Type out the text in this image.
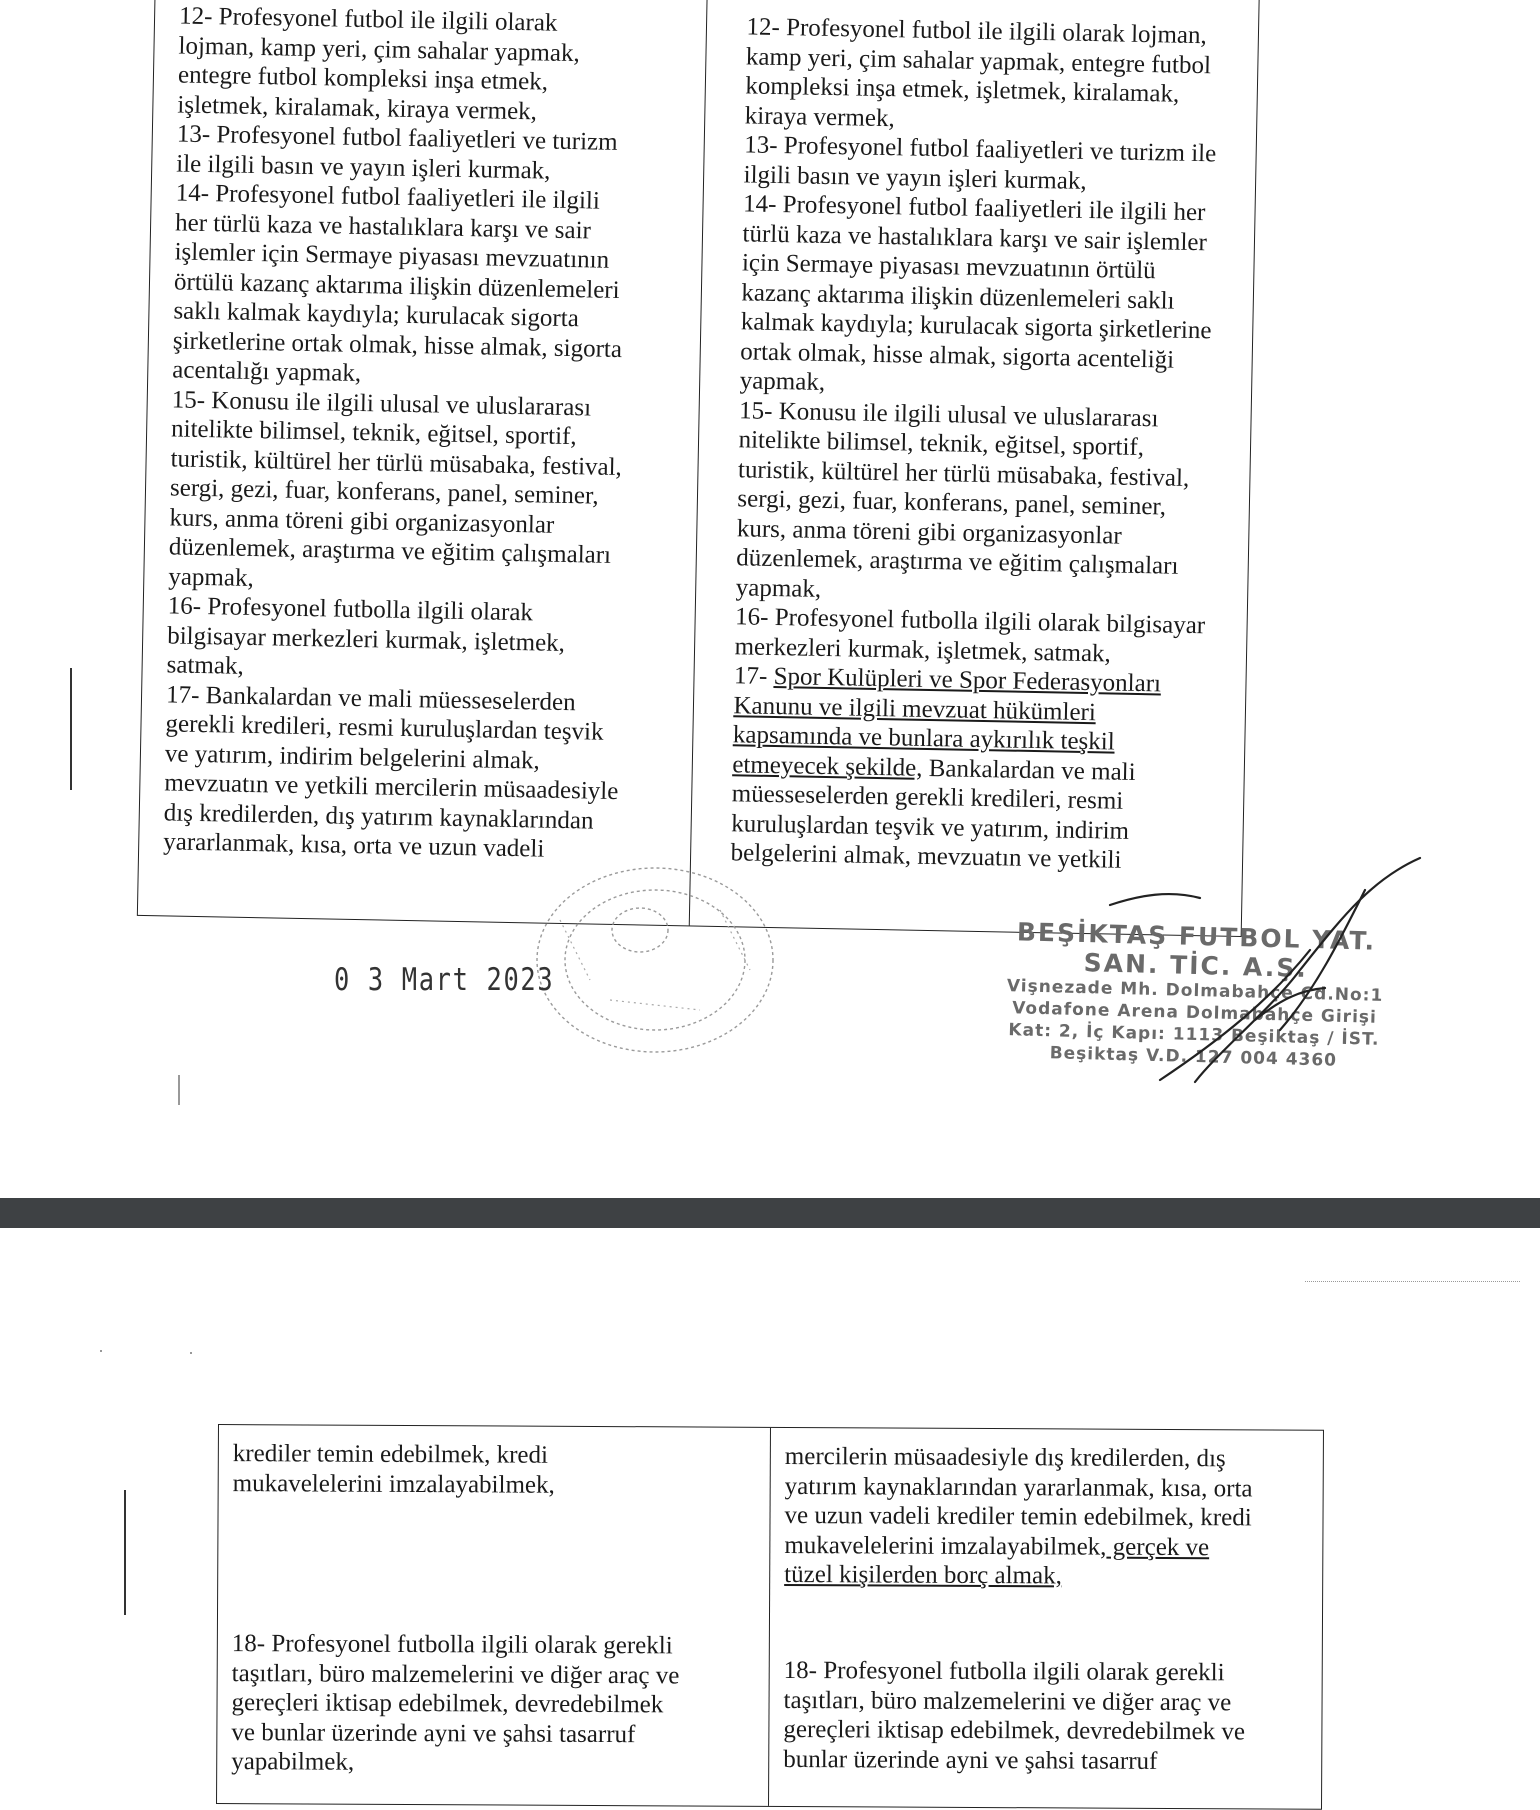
12- Profesyonel futbol ile ilgili olarak
lojman, kamp yeri, çim sahalar yapmak,
entegre futbol kompleksi inşa etmek,
işletmek, kiralamak, kiraya vermek,
13- Profesyonel futbol faaliyetleri ve turizm
ile ilgili basın ve yayın işleri kurmak,
14- Profesyonel futbol faaliyetleri ile ilgili
her türlü kaza ve hastalıklara karşı ve sair
işlemler için Sermaye piyasası mevzuatının
örtülü kazanç aktarıma ilişkin düzenlemeleri
saklı kalmak kaydıyla; kurulacak sigorta
şirketlerine ortak olmak, hisse almak, sigorta
acentalığı yapmak,
15- Konusu ile ilgili ulusal ve uluslararası
nitelikte bilimsel, teknik, eğitsel, sportif,
turistik, kültürel her türlü müsabaka, festival,
sergi, gezi, fuar, konferans, panel, seminer,
kurs, anma töreni gibi organizasyonlar
düzenlemek, araştırma ve eğitim çalışmaları
yapmak,
16- Profesyonel futbolla ilgili olarak
bilgisayar merkezleri kurmak, işletmek,
satmak,
17- Bankalardan ve mali müesseselerden
gerekli kredileri, resmi kuruluşlardan teşvik
ve yatırım, indirim belgelerini almak,
mevzuatın ve yetkili mercilerin müsaadesiyle
dış kredilerden, dış yatırım kaynaklarından
yararlanmak, kısa, orta ve uzun vadeli

12- Profesyonel futbol ile ilgili olarak lojman,
kamp yeri, çim sahalar yapmak, entegre futbol
kompleksi inşa etmek, işletmek, kiralamak,
kiraya vermek,
13- Profesyonel futbol faaliyetleri ve turizm ile
ilgili basın ve yayın işleri kurmak,
14- Profesyonel futbol faaliyetleri ile ilgili her
türlü kaza ve hastalıklara karşı ve sair işlemler
için Sermaye piyasası mevzuatının örtülü
kazanç aktarıma ilişkin düzenlemeleri saklı
kalmak kaydıyla; kurulacak sigorta şirketlerine
ortak olmak, hisse almak, sigorta acenteliği
yapmak,
15- Konusu ile ilgili ulusal ve uluslararası
nitelikte bilimsel, teknik, eğitsel, sportif,
turistik, kültürel her türlü müsabaka, festival,
sergi, gezi, fuar, konferans, panel, seminer,
kurs, anma töreni gibi organizasyonlar
düzenlemek, araştırma ve eğitim çalışmaları
yapmak,
16- Profesyonel futbolla ilgili olarak bilgisayar
merkezleri kurmak, işletmek, satmak,
17- Spor Kulüpleri ve Spor Federasyonları
Kanunu ve ilgili mevzuat hükümleri
kapsamında ve bunlara aykırılık teşkil
etmeyecek şekilde, Bankalardan ve mali
müesseselerden gerekli kredileri, resmi
kuruluşlardan teşvik ve yatırım, indirim
belgelerini almak, mevzuatın ve yetkili

0 3 Mart 2023
BEŞİKTAŞ FUTBOL YAT.
SAN. TİC. A.Ş.
Vişnezade Mh. Dolmabahçe Cd.No:1
Vodafone Arena Dolmabahçe Girişi
Kat: 2, İç Kapı: 1113 Beşiktaş / İST.
Beşiktaş V.D. 127 004 4360

krediler temin edebilmek, kredi
mukavelelerini imzalayabilmek,

18- Profesyonel futbolla ilgili olarak gerekli
taşıtları, büro malzemelerini ve diğer araç ve
gereçleri iktisap edebilmek, devredebilmek
ve bunlar üzerinde ayni ve şahsi tasarruf
yapabilmek,

mercilerin müsaadesiyle dış kredilerden, dış
yatırım kaynaklarından yararlanmak, kısa, orta
ve uzun vadeli krediler temin edebilmek, kredi
mukavelelerini imzalayabilmek, gerçek ve
tüzel kişilerden borç almak,

18- Profesyonel futbolla ilgili olarak gerekli
taşıtları, büro malzemelerini ve diğer araç ve
gereçleri iktisap edebilmek, devredebilmek ve
bunlar üzerinde ayni ve şahsi tasarruf
